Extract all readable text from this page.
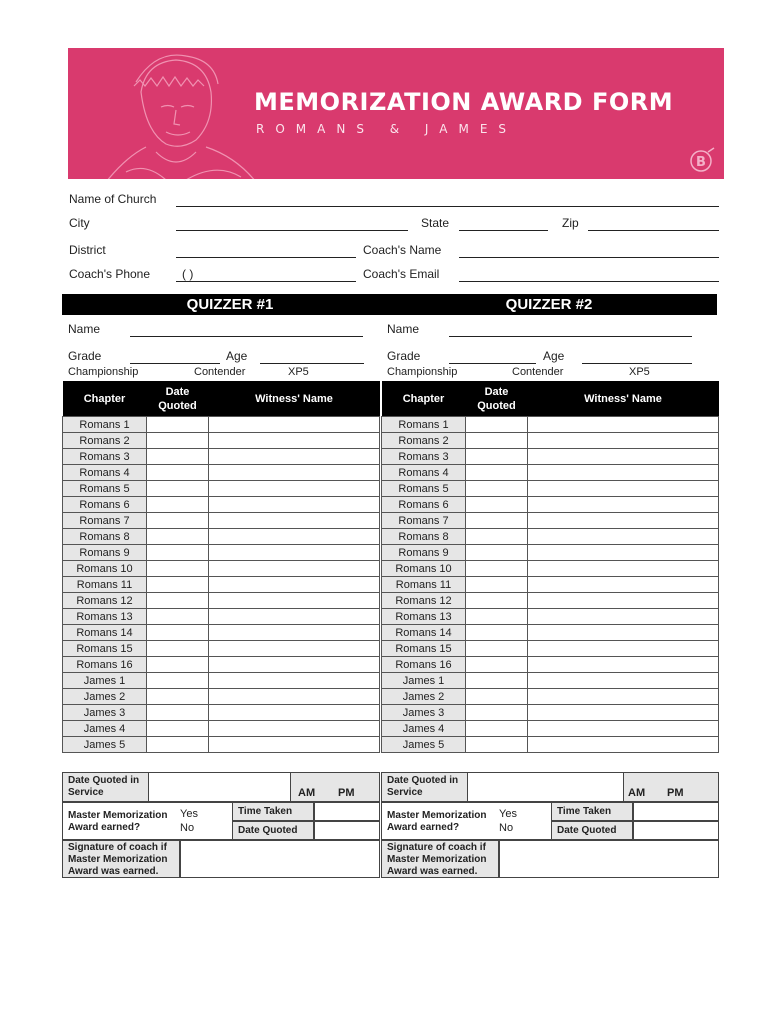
MEMORIZATION AWARD FORM
ROMANS & JAMES
B
Name of Church
City	State	Zip
District	Coach's Name
Coach's Phone	( )	Coach's Email
QUIZZER #1
Name
Grade	Age
Championship	Contender	XP5
Chapter	Date Quoted	Witness' Name
Romans 1		
Romans 2		
Romans 3		
Romans 4		
Romans 5		
Romans 6		
Romans 7		
Romans 8		
Romans 9		
Romans 10		
Romans 11		
Romans 12		
Romans 13		
Romans 14		
Romans 15		
Romans 16		
James 1		
James 2		
James 3		
James 4		
James 5		
Date Quoted in Service	AM PM
Master Memorization Award earned?
Yes
No
Time Taken
Date Quoted
Signature of coach if Master Memorization Award was earned.
QUIZZER #2
Name
Grade	Age
Championship	Contender	XP5
Chapter	Date Quoted	Witness' Name
Romans 1		
Romans 2		
Romans 3		
Romans 4		
Romans 5		
Romans 6		
Romans 7		
Romans 8		
Romans 9		
Romans 10		
Romans 11		
Romans 12		
Romans 13		
Romans 14		
Romans 15		
Romans 16		
James 1		
James 2		
James 3		
James 4		
James 5		
Date Quoted in Service	AM PM
Master Memorization Award earned?
Yes
No
Time Taken
Date Quoted
Signature of coach if Master Memorization Award was earned.
